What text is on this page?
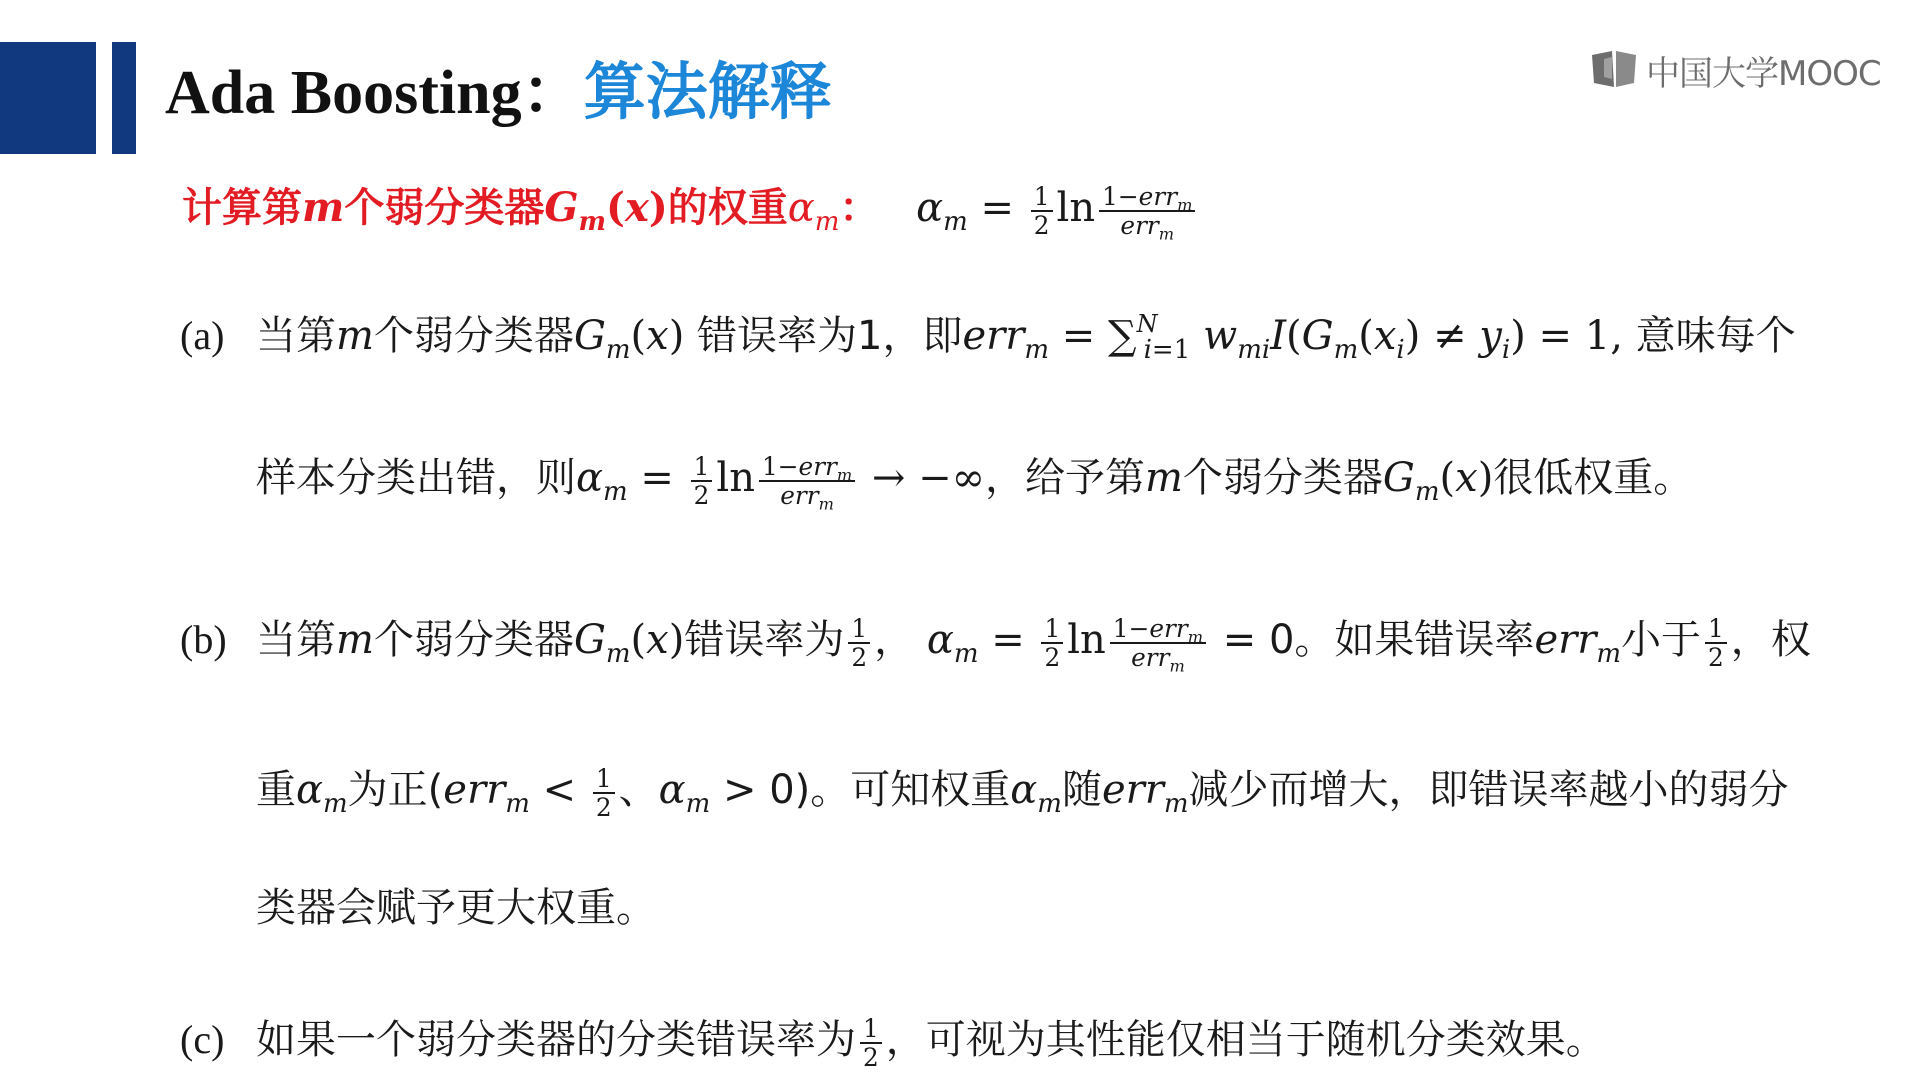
Ada Boosting：算法解释	中国大学MOOC
计算第m个弱分类器$G_m(x)$的权重$\alpha_m$： $\alpha_m = \frac{1}{2}$ $\ln \frac{1-err_m}{err_m}$
(a) 当第m个弱分类器$G_m(x)$ 错误率为1，即err$_m$ = ∑$^N_{i=1}$ $w_{mi}I(G_m(x_i) \ne y_i) = 1$, 意味每个
样本分类出错，则$\alpha_m = \frac{1}{2}$ $\ln \frac{1-err_m}{err_m}$ → −∞，给予第m个弱分类器$G_m(x)$很低权重。
(b) 当第m个弱分类器$G_m(x)$错误率为 $\frac{1}{2}$ ， $\alpha_m = \frac{1}{2}$ $\ln \frac{1-err_m}{err_m} = 0$。如果错误率err$_m$小于 $\frac{1}{2}$ ，权
重$\alpha_m$为正($err_m < \frac{1}{2}$ 、$\alpha_m > 0$)。可知权重$\alpha_m$随err$_m$减少而增大，即错误率越小的弱分
类器会赋予更大权重。
(c) 如果一个弱分类器的分类错误率为 $\frac{1}{2}$ ，可视为其性能仅相当于随机分类效果。
